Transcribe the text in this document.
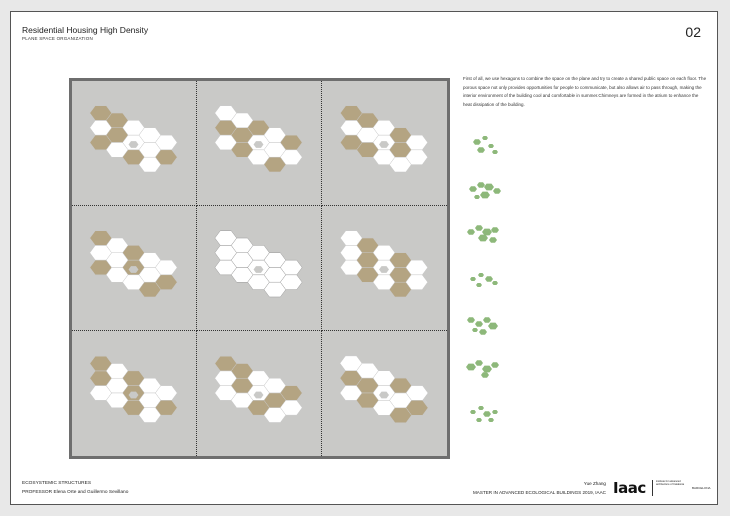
Residential Housing High Density
PLANE SPACE ORGANIZATION	02
First of all, we use hexagons to combine the space on the plane and try to create a shared public space on each floor. The porous space not only provides opportunities for people to communicate, but also allows air to pass through, making the interior environment of the building cool and comfortable in summer.Chimneys are formed in the atrium to enhance the heat dissipation of the building.
ECOSYSTEMIC STRUCTURES
PROFESSOR Elena Orte and Guillermo Sevillano
Yue Zhang
MASTER IN ADVANCED ECOLOGICAL BUILDINGS 2019, IAAC Iaac	institute for advanced architecture of Catalonia
BARCELONA
